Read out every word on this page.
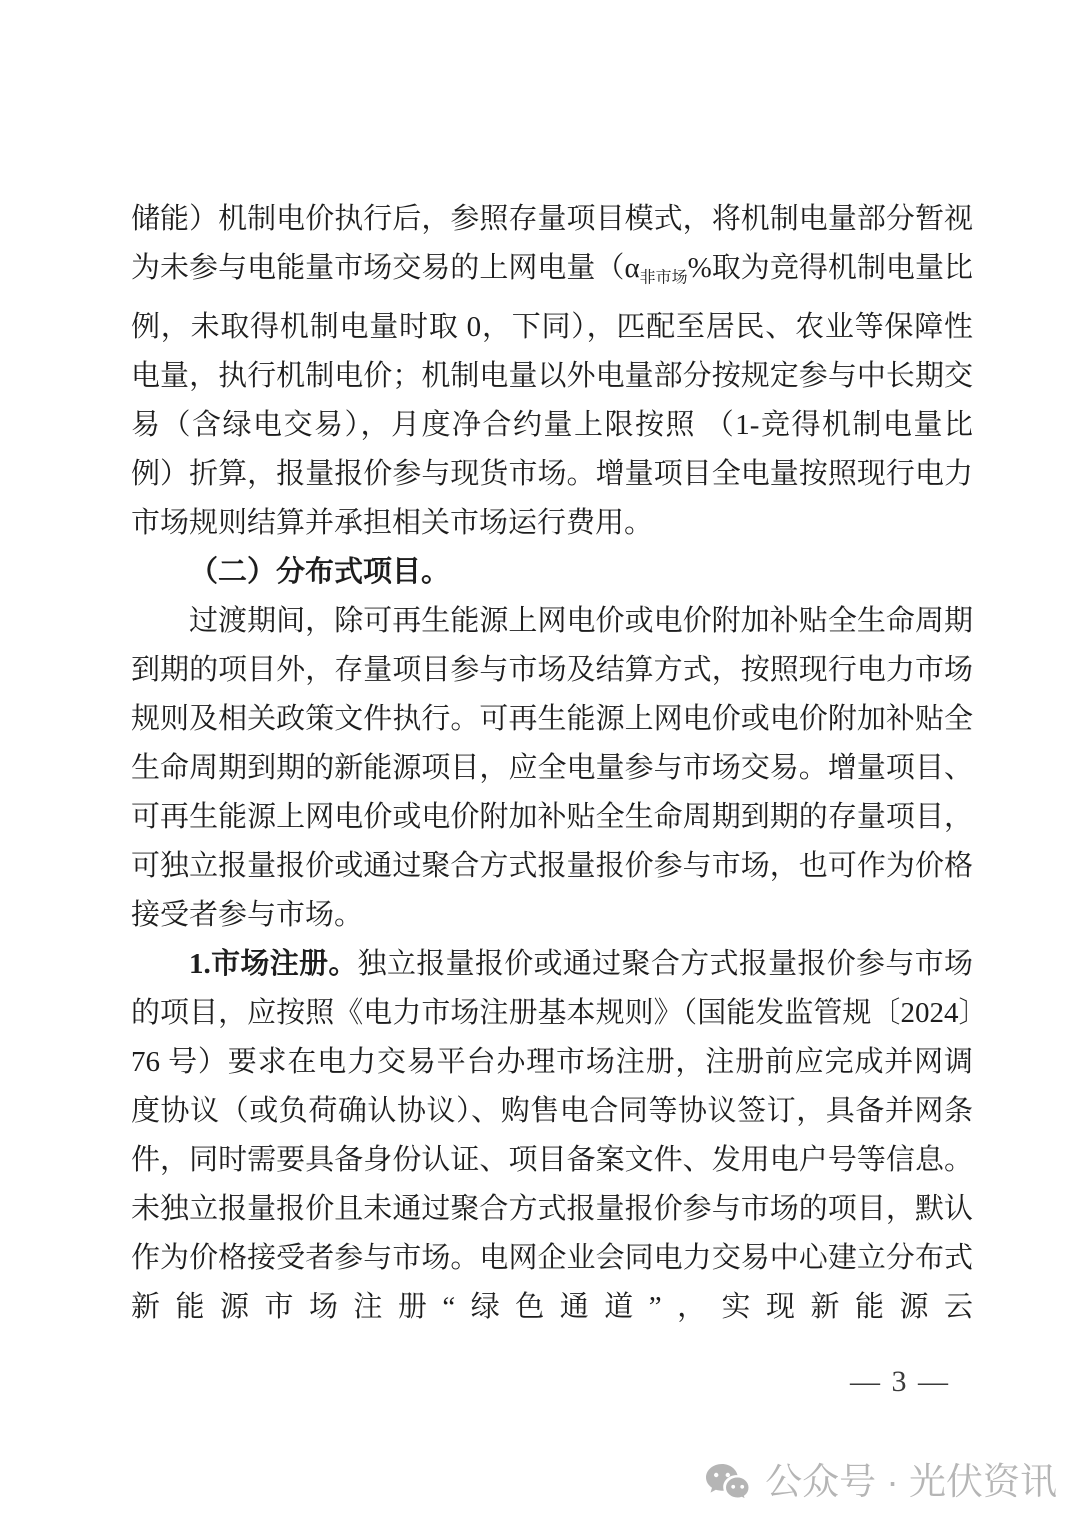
储能）机制电价执行后，参照存量项目模式，将机制电量部分暂视为未参与电能量市场交易的上网电量（$\alpha_{非市场}\%$取为竞得机制电量比例，未取得机制电量时取 0，下同），匹配至居民、农业等保障性电量，执行机制电价；机制电量以外电量部分按规定参与中长期交易（含绿电交易），月度净合约量上限按照 （1-竞得机制电量比例）折算，报量报价参与现货市场。增量项目全电量按照现行电力市场规则结算并承担相关市场运行费用。

（二）分布式项目。

过渡期间，除可再生能源上网电价或电价附加补贴全生命周期到期的项目外，存量项目参与市场及结算方式，按照现行电力市场规则及相关政策文件执行。可再生能源上网电价或电价附加补贴全生命周期到期的新能源项目，应全电量参与市场交易。增量项目、可再生能源上网电价或电价附加补贴全生命周期到期的存量项目，可独立报量报价或通过聚合方式报量报价参与市场，也可作为价格接受者参与市场。

1.市场注册。独立报量报价或通过聚合方式报量报价参与市场的项目，应按照《电力市场注册基本规则》（国能发监管规〔2024〕76 号）要求在电力交易平台办理市场注册，注册前应完成并网调度协议（或负荷确认协议）、购售电合同等协议签订，具备并网条件，同时需要具备身份认证、项目备案文件、发用电户号等信息。未独立报量报价且未通过聚合方式报量报价参与市场的项目，默认作为价格接受者参与市场。电网企业会同电力交易中心建立分布式新能源市场注册“绿色通道”，实现新能源云

— 3 —
公众号 · 光伏资讯
